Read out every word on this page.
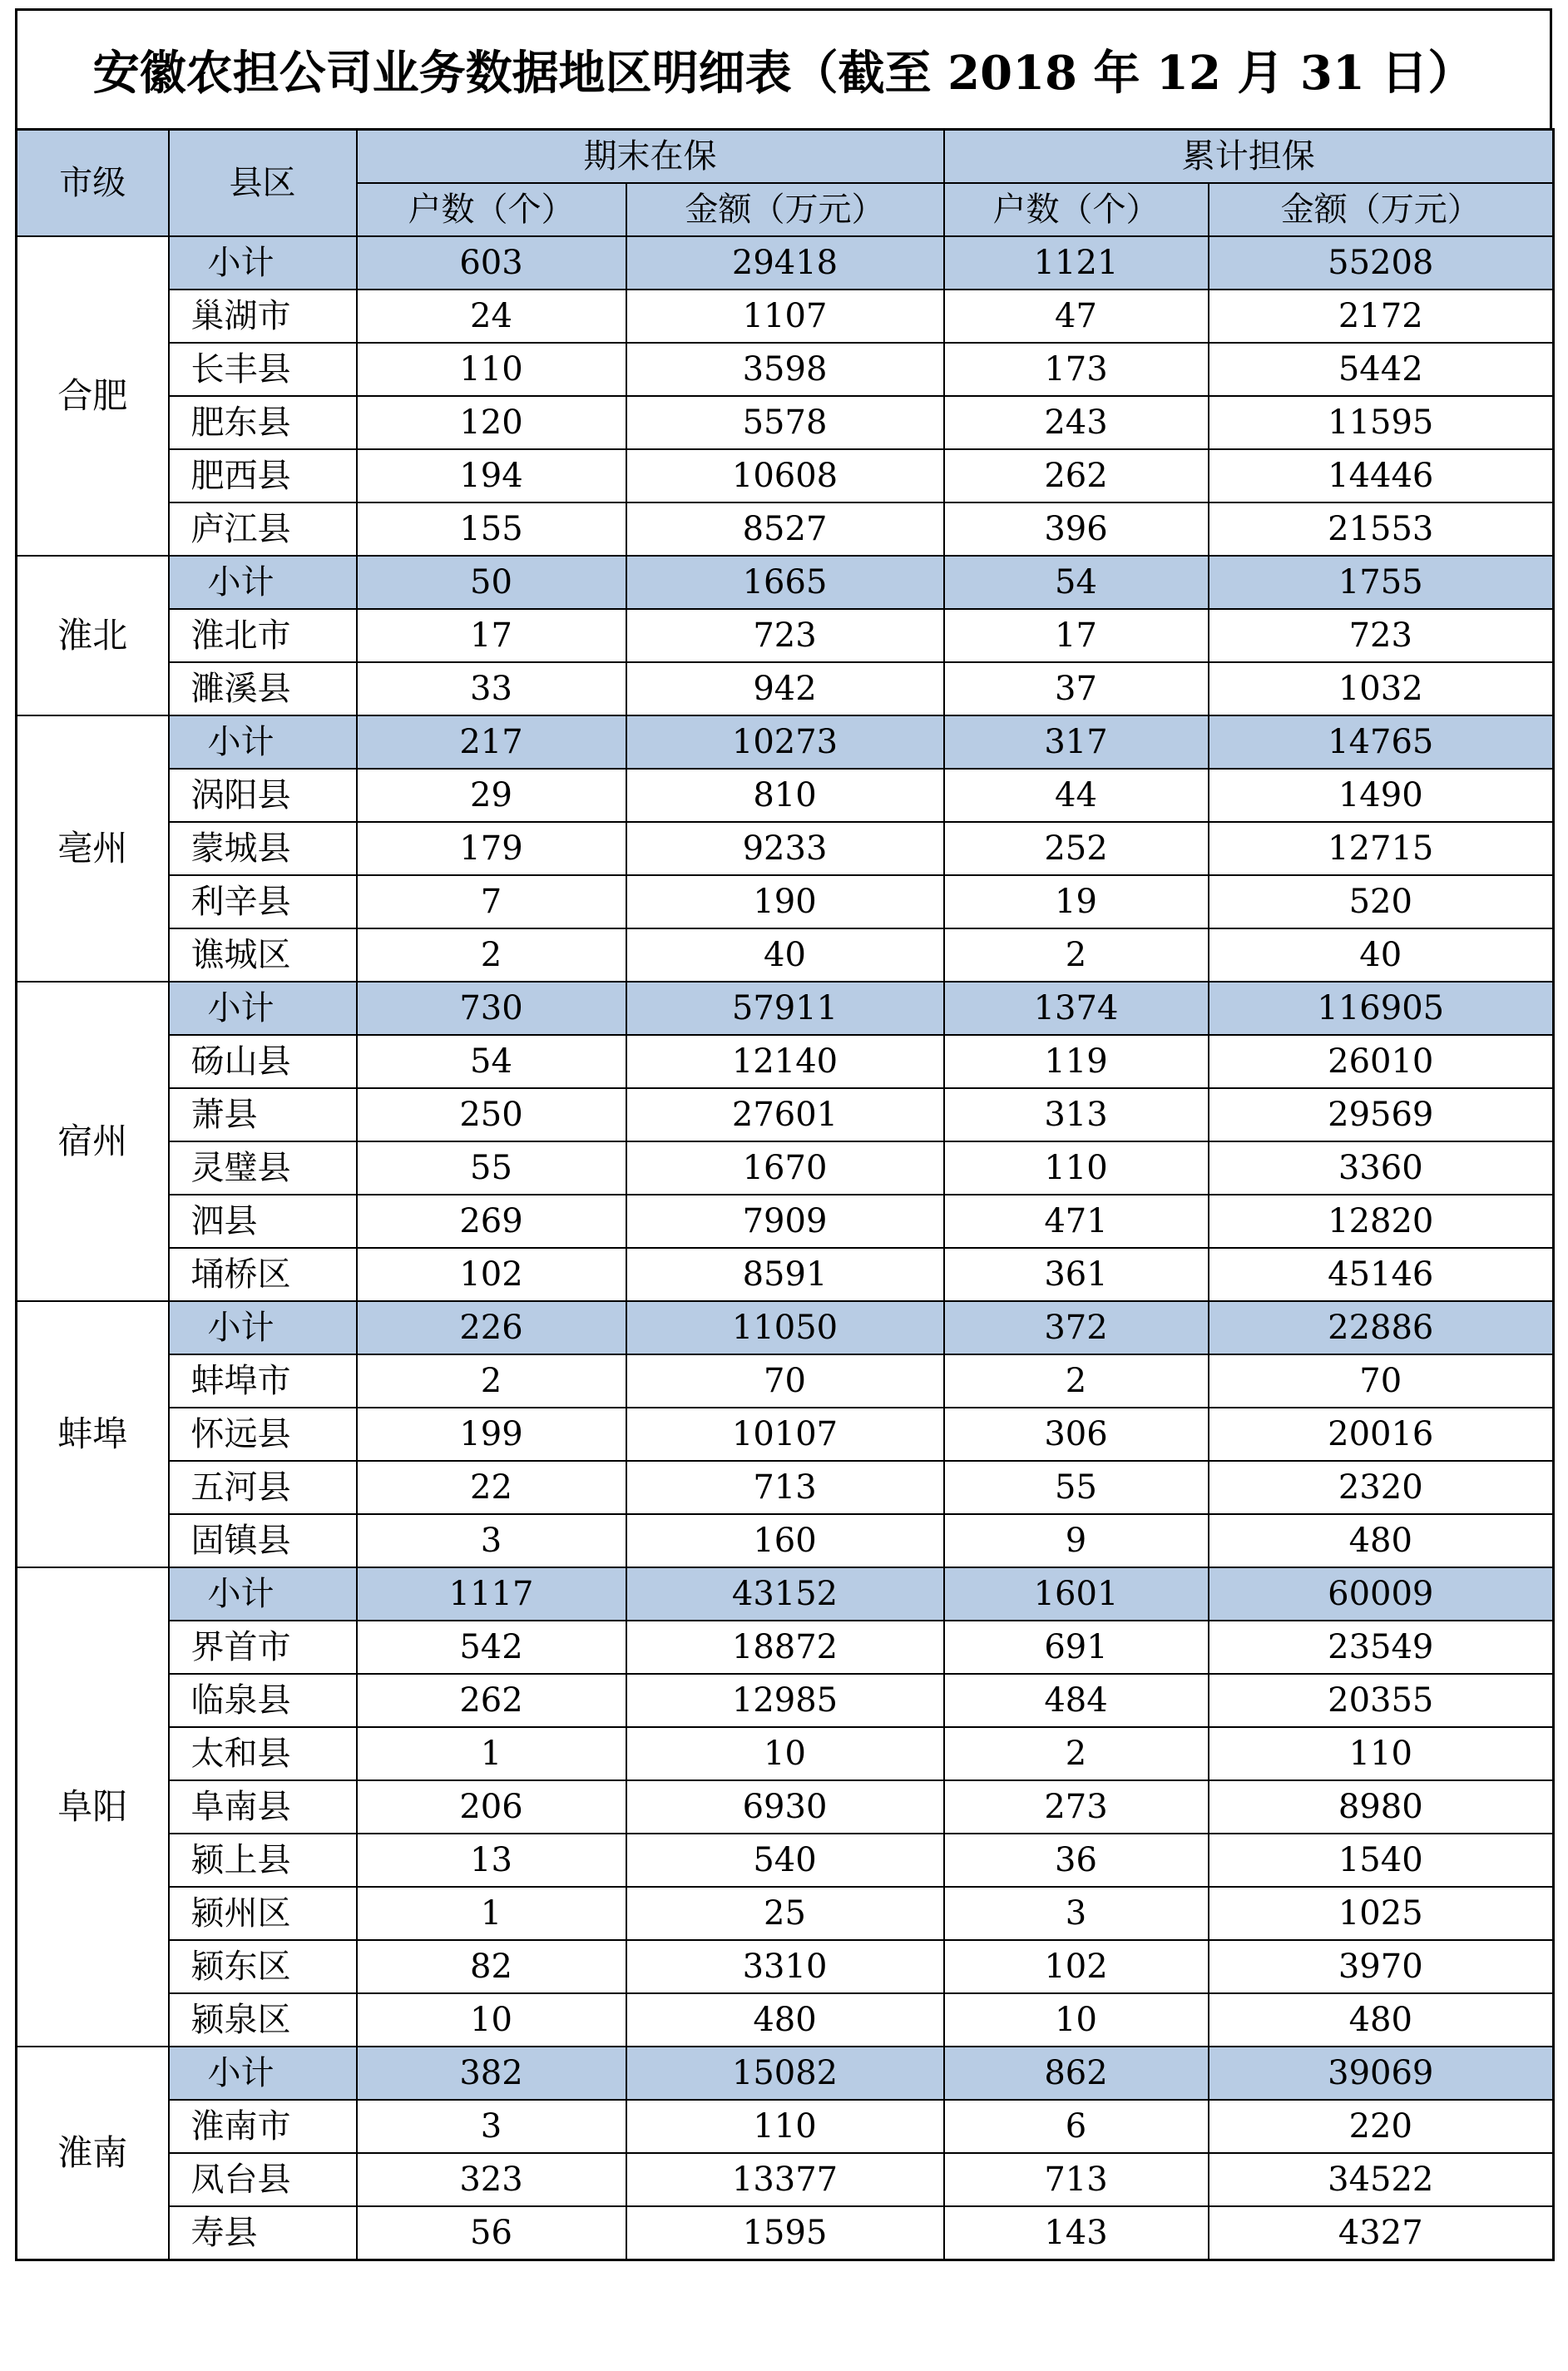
安徽农担公司业务数据地区明细表（截至 2018 年 12 月 31 日）
市级	县区	期末在保		累计担保	
		户数（个）	金额（万元）	户数（个）	金额（万元）
合肥	小计	603	29418	1121	55208
	巢湖市	24	1107	47	2172
	长丰县	110	3598	173	5442
	肥东县	120	5578	243	11595
	肥西县	194	10608	262	14446
	庐江县	155	8527	396	21553
淮北	小计	50	1665	54	1755
	淮北市	17	723	17	723
	濉溪县	33	942	37	1032
亳州	小计	217	10273	317	14765
	涡阳县	29	810	44	1490
	蒙城县	179	9233	252	12715
	利辛县	7	190	19	520
	谯城区	2	40	2	40
宿州	小计	730	57911	1374	116905
	砀山县	54	12140	119	26010
	萧县	250	27601	313	29569
	灵璧县	55	1670	110	3360
	泗县	269	7909	471	12820
	埇桥区	102	8591	361	45146
蚌埠	小计	226	11050	372	22886
	蚌埠市	2	70	2	70
	怀远县	199	10107	306	20016
	五河县	22	713	55	2320
	固镇县	3	160	9	480
阜阳	小计	1117	43152	1601	60009
	界首市	542	18872	691	23549
	临泉县	262	12985	484	20355
	太和县	1	10	2	110
	阜南县	206	6930	273	8980
	颍上县	13	540	36	1540
	颍州区	1	25	3	1025
	颍东区	82	3310	102	3970
	颍泉区	10	480	10	480
淮南	小计	382	15082	862	39069
	淮南市	3	110	6	220
	凤台县	323	13377	713	34522
	寿县	56	1595	143	4327
